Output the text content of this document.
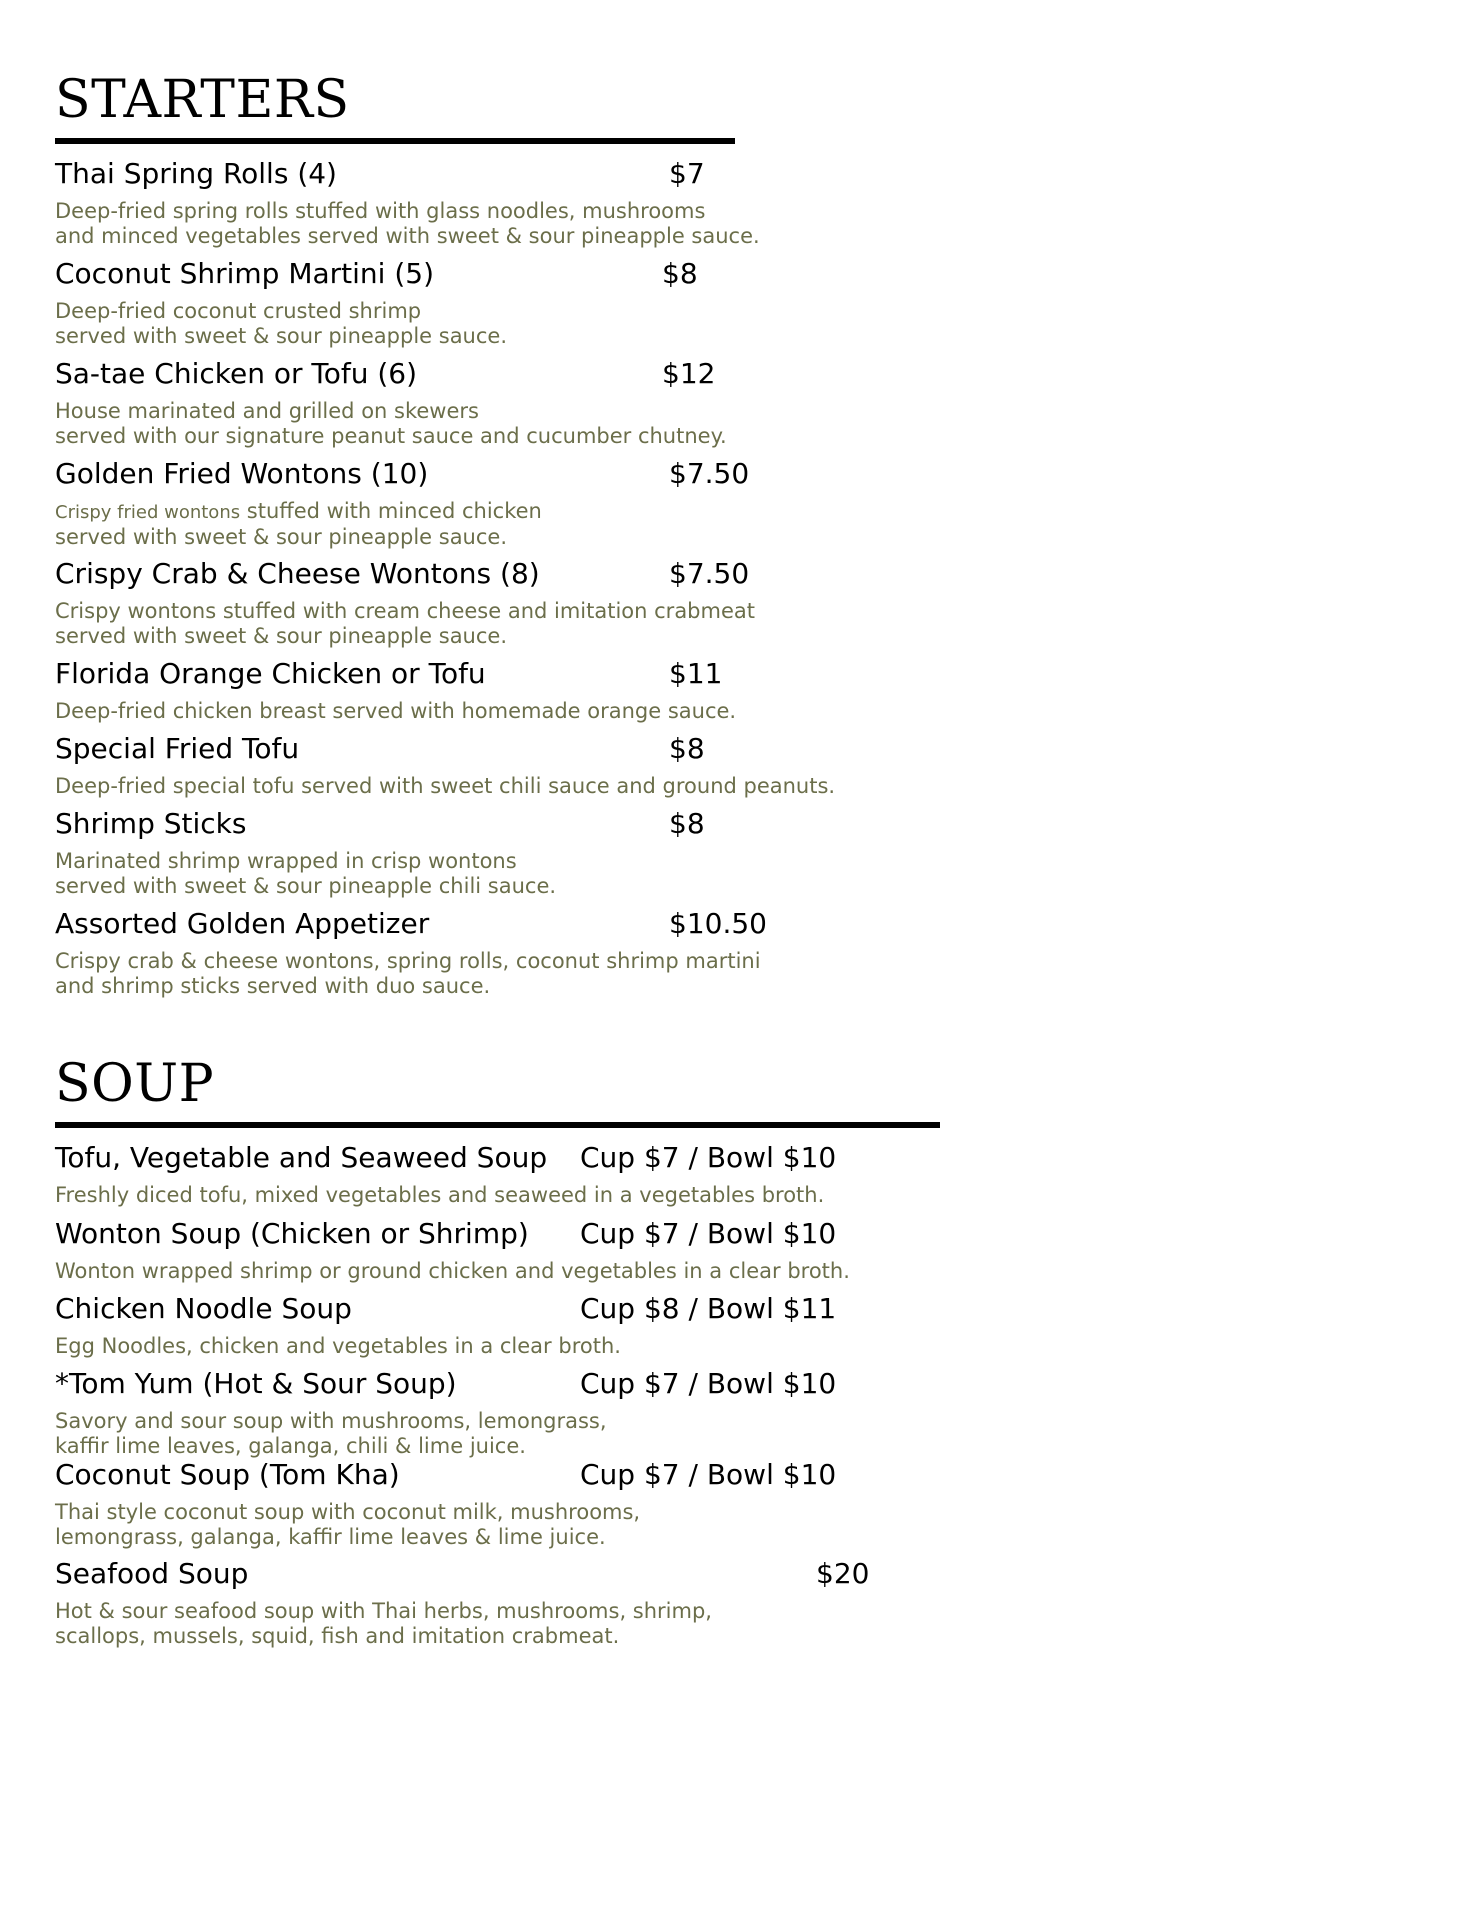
STARTERS
Thai Spring Rolls (4)	$7
Deep-fried spring rolls stuffed with glass noodles, mushrooms
and minced vegetables served with sweet & sour pineapple sauce.
Coconut Shrimp Martini (5)	$8
Deep-fried coconut crusted shrimp
served with sweet & sour pineapple sauce.
Sa-tae Chicken or Tofu (6)	$12
House marinated and grilled on skewers
served with our signature peanut sauce and cucumber chutney.
Golden Fried Wontons (10)	$7.50
Crispy fried wontons stuffed with minced chicken
served with sweet & sour pineapple sauce.
Crispy Crab & Cheese Wontons (8)	$7.50
Crispy wontons stuffed with cream cheese and imitation crabmeat
served with sweet & sour pineapple sauce.
Florida Orange Chicken or Tofu	$11
Deep-fried chicken breast served with homemade orange sauce.
Special Fried Tofu	$8
Deep-fried special tofu served with sweet chili sauce and ground peanuts.
Shrimp Sticks	$8
Marinated shrimp wrapped in crisp wontons
served with sweet & sour pineapple chili sauce.
Assorted Golden Appetizer	$10.50
Crispy crab & cheese wontons, spring rolls, coconut shrimp martini
and shrimp sticks served with duo sauce.
SOUP
Tofu, Vegetable and Seaweed Soup Cup $7 / Bowl $10
Freshly diced tofu, mixed vegetables and seaweed in a vegetables broth.
Wonton Soup (Chicken or Shrimp) Cup $7 / Bowl $10
Wonton wrapped shrimp or ground chicken and vegetables in a clear broth.
Chicken Noodle Soup	Cup $8 / Bowl $11
Egg Noodles, chicken and vegetables in a clear broth.
*Tom Yum (Hot & Sour Soup)	Cup $7 / Bowl $10
Savory and sour soup with mushrooms, lemongrass,
kaffir lime leaves, galanga, chili & lime juice.
Coconut Soup (Tom Kha)	Cup $7 / Bowl $10
Thai style coconut soup with coconut milk, mushrooms,
lemongrass, galanga, kaffir lime leaves & lime juice.
Seafood Soup	$20
Hot & sour seafood soup with Thai herbs, mushrooms, shrimp,
scallops, mussels, squid, fish and imitation crabmeat.
